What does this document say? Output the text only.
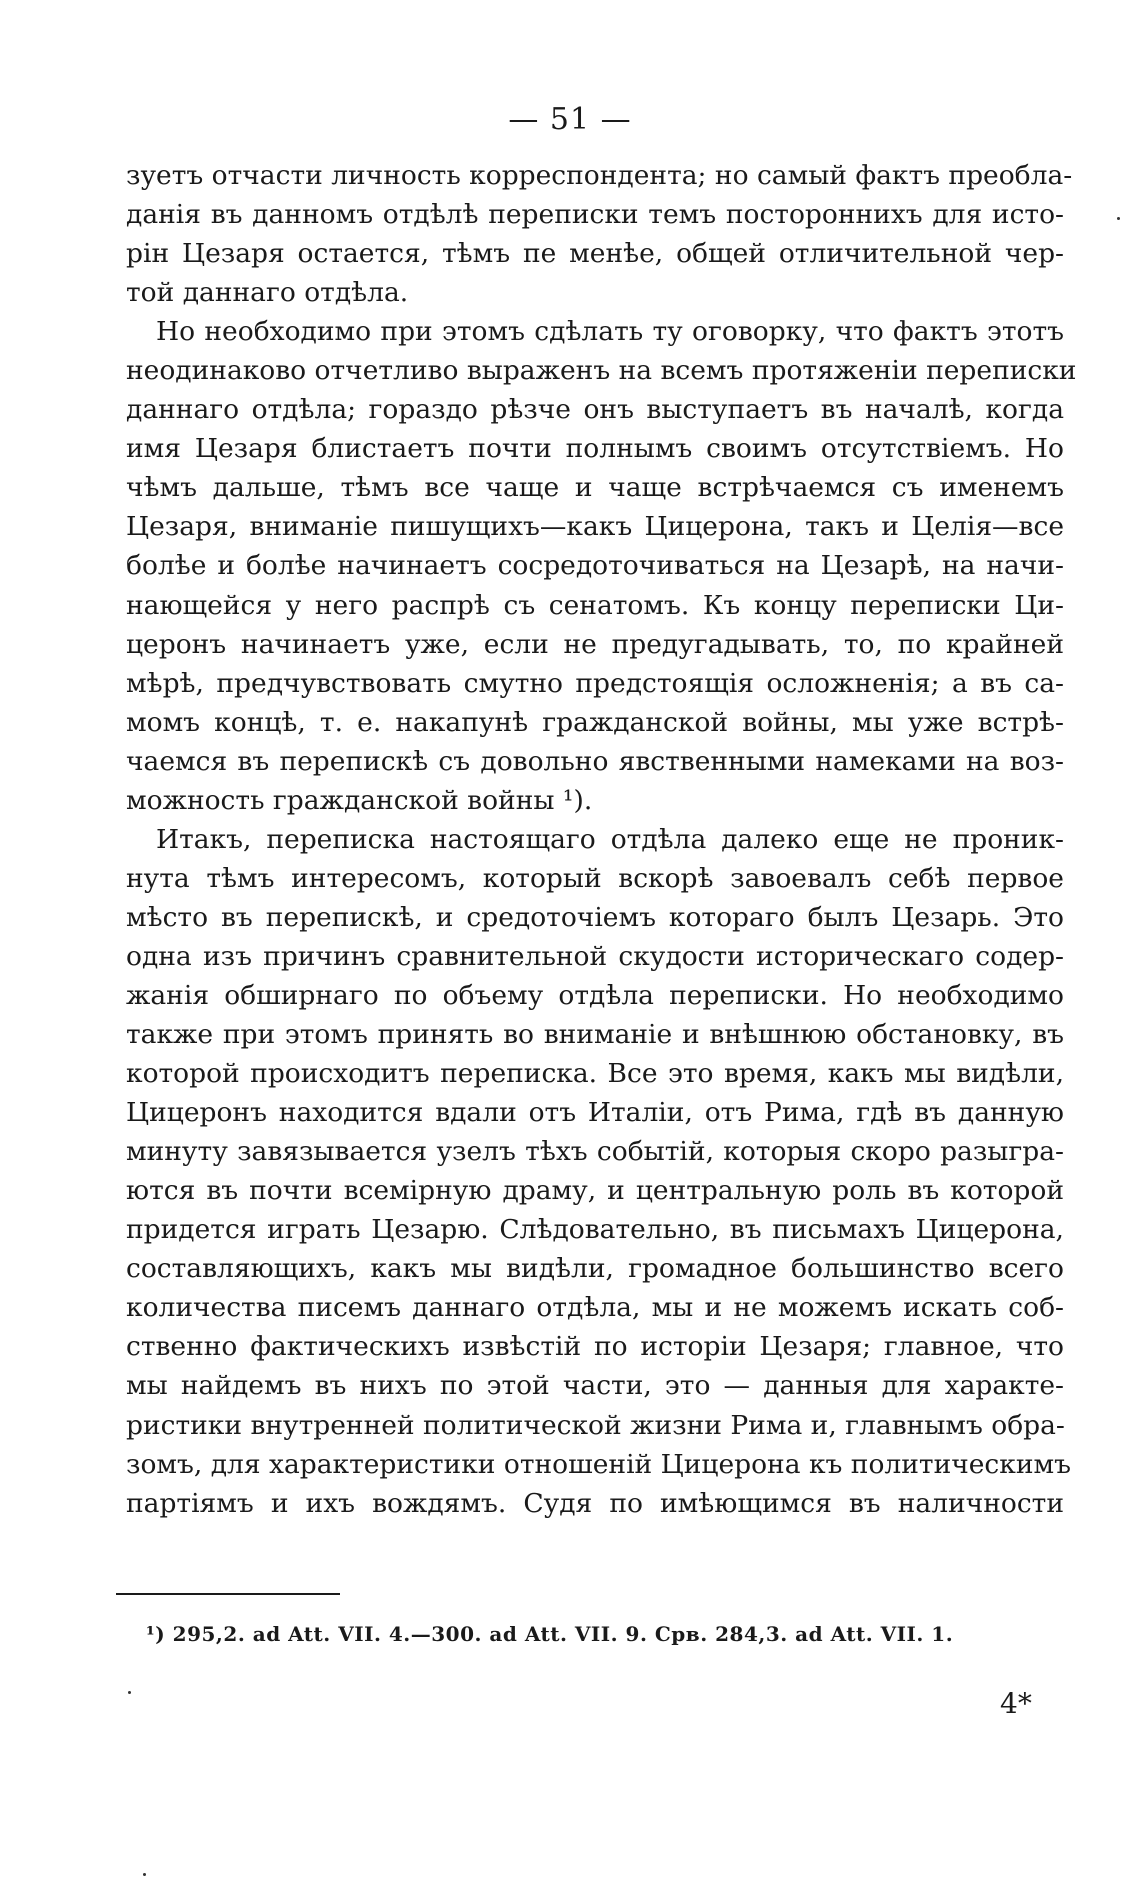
— 51 —
зуетъ отчасти личность корреспондента; но самый фактъ преобла-
данія въ данномъ отдѣлѣ переписки темъ постороннихъ для исто-
рін Цезаря остается, тѣмъ пе менѣе, общей отличительной чер-
той даннаго отдѣла.
Но необходимо при этомъ сдѣлать ту оговорку, что фактъ этотъ
неодинаково отчетливо выраженъ на всемъ протяженіи переписки
даннаго отдѣла; гораздо рѣзче онъ выступаетъ въ началѣ, когда
имя Цезаря блистаетъ почти полнымъ своимъ отсутствіемъ. Но
чѣмъ дальше, тѣмъ все чаще и чаще встрѣчаемся съ именемъ
Цезаря, вниманіе пишущихъ—какъ Цицерона, такъ и Целія—все
болѣе и болѣе начинаетъ сосредоточиваться на Цезарѣ, на начи-
нающейся у него распрѣ съ сенатомъ. Къ концу переписки Ци-
церонъ начинаетъ уже, если не предугадывать, то, по крайней
мѣрѣ, предчувствовать смутно предстоящія осложненія; а въ са-
момъ концѣ, т. е. накапунѣ гражданской войны, мы уже встрѣ-
чаемся въ перепискѣ съ довольно явственными намеками на воз-
можность гражданской войны ¹).
Итакъ, переписка настоящаго отдѣла далеко еще не проник-
нута тѣмъ интересомъ, который вскорѣ завоевалъ себѣ первое
мѣсто въ перепискѣ, и средоточіемъ котораго былъ Цезарь. Это
одна изъ причинъ сравнительной скудости историческаго содер-
жанія обширнаго по объему отдѣла переписки. Но необходимо
также при этомъ принять во вниманіе и внѣшнюю обстановку, въ
которой происходитъ переписка. Все это время, какъ мы видѣли,
Цицеронъ находится вдали отъ Италіи, отъ Рима, гдѣ въ данную
минуту завязывается узелъ тѣхъ событій, которыя скоро разыгра-
ются въ почти всемірную драму, и центральную роль въ которой
придется играть Цезарю. Слѣдовательно, въ письмахъ Цицерона,
составляющихъ, какъ мы видѣли, громадное большинство всего
количества писемъ даннаго отдѣла, мы и не можемъ искать соб-
ственно фактическихъ извѣстій по исторіи Цезаря; главное, что
мы найдемъ въ нихъ по этой части, это — данныя для характе-
ристики внутренней политической жизни Рима и, главнымъ обра-
зомъ, для характеристики отношеній Цицерона къ политическимъ
партіямъ и ихъ вождямъ. Судя по имѣющимся въ наличности
¹) 295,2. ad Att. VII. 4.—300. ad Att. VII. 9. Срв. 284,3. ad Att. VII. 1.
4*
